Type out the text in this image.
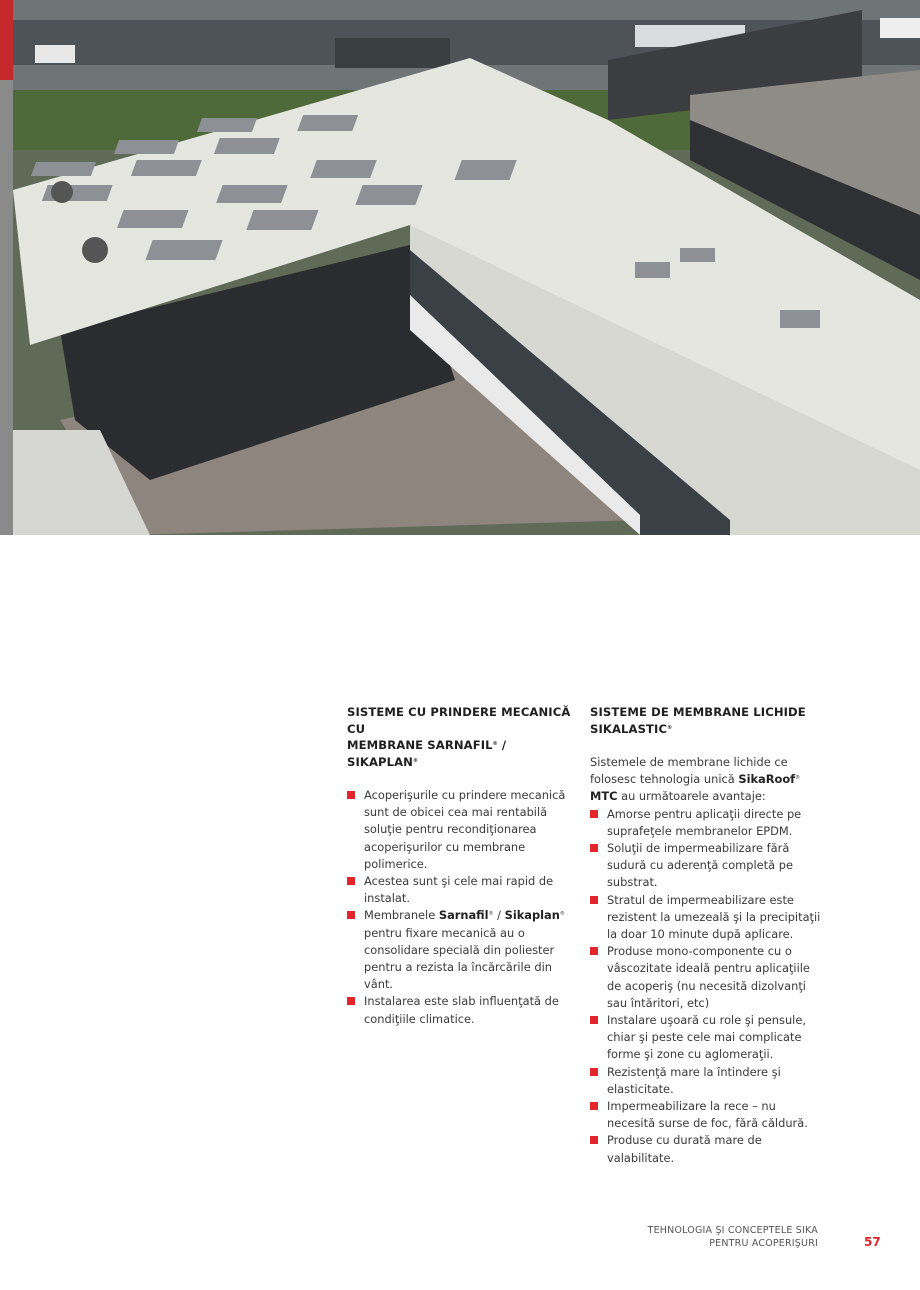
SISTEME CU PRINDERE MECANICĂ CU
MEMBRANE SARNAFIL® / SIKAPLAN®
Acoperişurile cu prindere mecanică sunt de obicei cea mai rentabilă soluţie pentru recondiţionarea acoperişurilor cu membrane polimerice.
Acestea sunt şi cele mai rapid de instalat.
Membranele Sarnafil® / Sikaplan® pentru fixare mecanică au o consolidare specială din poliester pentru a rezista la încărcările din vânt.
Instalarea este slab influenţată de condiţiile climatice.
SISTEME DE MEMBRANE LICHIDE
SIKALASTIC®

Sistemele de membrane lichide ce folosesc tehnologia unică SikaRoof® MTC au următoarele avantaje:

Amorse pentru aplicaţii directe pe suprafeţele membranelor EPDM.
Soluţii de impermeabilizare fără sudură cu aderenţă completă pe substrat.
Stratul de impermeabilizare este rezistent la umezeală şi la precipitaţii la doar 10 minute după aplicare.
Produse mono-componente cu o vâscozitate ideală pentru aplicaţiile de acoperiş (nu necesită dizolvanţi sau întăritori, etc)
Instalare uşoară cu role şi pensule, chiar şi peste cele mai complicate forme şi zone cu aglomeraţii.
Rezistenţă mare la întindere şi elasticitate.
Impermeabilizare la rece – nu necesită surse de foc, fără căldură.
Produse cu durată mare de valabilitate.
TEHNOLOGIA ŞI CONCEPTELE SIKA
PENTRU ACOPERIŞURI	57
